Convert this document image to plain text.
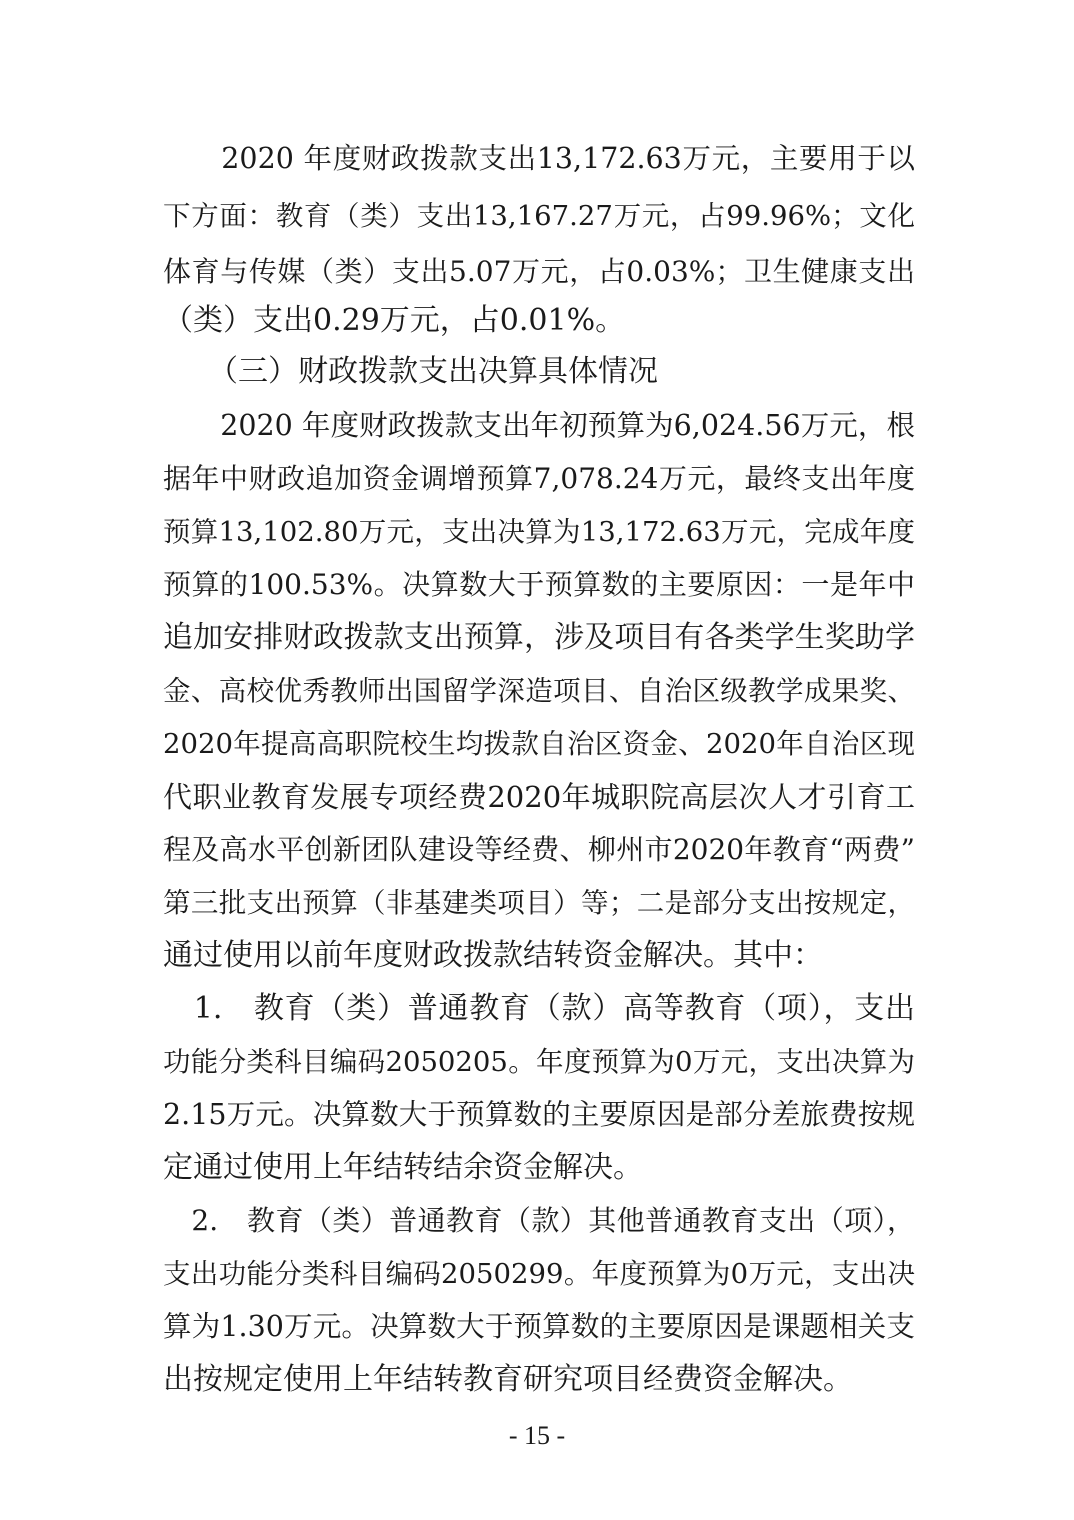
　　2020 年度财政拨款支出13,172.63万元，主要用于以
下方面：教育（类）支出13,167.27万元，占99.96%；文化
体育与传媒（类）支出5.07万元，占0.03%；卫生健康支出
（类）支出0.29万元，占0.01%。
　　（三）财政拨款支出决算具体情况
　　2020 年度财政拨款支出年初预算为6,024.56万元，根
据年中财政追加资金调增预算7,078.24万元，最终支出年度
预算13,102.80万元，支出决算为13,172.63万元，完成年度
预算的100.53%。决算数大于预算数的主要原因：一是年中
追加安排财政拨款支出预算，涉及项目有各类学生奖助学
金、高校优秀教师出国留学深造项目、自治区级教学成果奖、
2020年提高高职院校生均拨款自治区资金、2020年自治区现
代职业教育发展专项经费2020年城职院高层次人才引育工
程及高水平创新团队建设等经费、柳州市2020年教育“两费”
第三批支出预算（非基建类项目）等；二是部分支出按规定，
通过使用以前年度财政拨款结转资金解决。其中：
　1.　教育（类）普通教育（款）高等教育（项），支出
功能分类科目编码2050205。年度预算为0万元，支出决算为
2.15万元。决算数大于预算数的主要原因是部分差旅费按规
定通过使用上年结转结余资金解决。
　2.　教育（类）普通教育（款）其他普通教育支出（项），
支出功能分类科目编码2050299。年度预算为0万元，支出决
算为1.30万元。决算数大于预算数的主要原因是课题相关支
出按规定使用上年结转教育研究项目经费资金解决。
- 15 -
